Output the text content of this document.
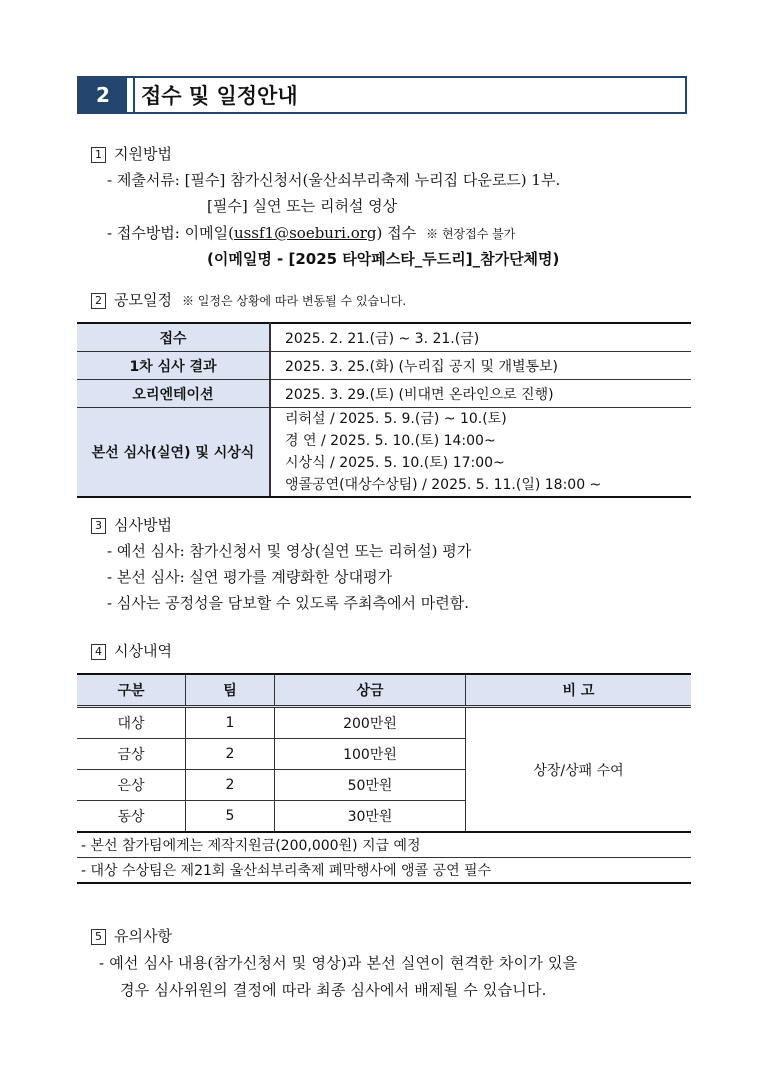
2	접수 및 일정안내
1 지원방법
- 제출서류: [필수] 참가신청서(울산쇠부리축제 누리집 다운로드) 1부.
[필수] 실연 또는 리허설 영상
- 접수방법: 이메일(ussf1@soeburi.org) 접수 ※ 현장접수 불가
(이메일명 - [2025 타악페스타_두드리]_참가단체명)
2 공모일정 ※ 일정은 상황에 따라 변동될 수 있습니다.
접수	2025. 2. 21.(금) ~ 3. 21.(금)
1차 심사 결과	2025. 3. 25.(화) (누리집 공지 및 개별통보)
오리엔테이션	2025. 3. 29.(토) (비대면 온라인으로 진행)
본선 심사(실연) 및 시상식	리허설 / 2025. 5. 9.(금) ~ 10.(토)
경 연 / 2025. 5. 10.(토) 14:00~
시상식 / 2025. 5. 10.(토) 17:00~
앵콜공연(대상수상팀) / 2025. 5. 11.(일) 18:00 ~
3 심사방법
- 예선 심사: 참가신청서 및 영상(실연 또는 리허설) 평가
- 본선 심사: 실연 평가를 계량화한 상대평가
- 심사는 공정성을 담보할 수 있도록 주최측에서 마련함.
4 시상내역
구분	팀	상금	비 고
대상	1	200만원	상장/상패 수여
금상	2	100만원	
은상	2	50만원	
동상	5	30만원	
- 본선 참가팀에게는 제작지원금(200,000원) 지급 예정			
- 대상 수상팀은 제21회 울산쇠부리축제 폐막행사에 앵콜 공연 필수			
5 유의사항
- 예선 심사 내용(참가신청서 및 영상)과 본선 실연이 현격한 차이가 있을
경우 심사위원의 결정에 따라 최종 심사에서 배제될 수 있습니다.
